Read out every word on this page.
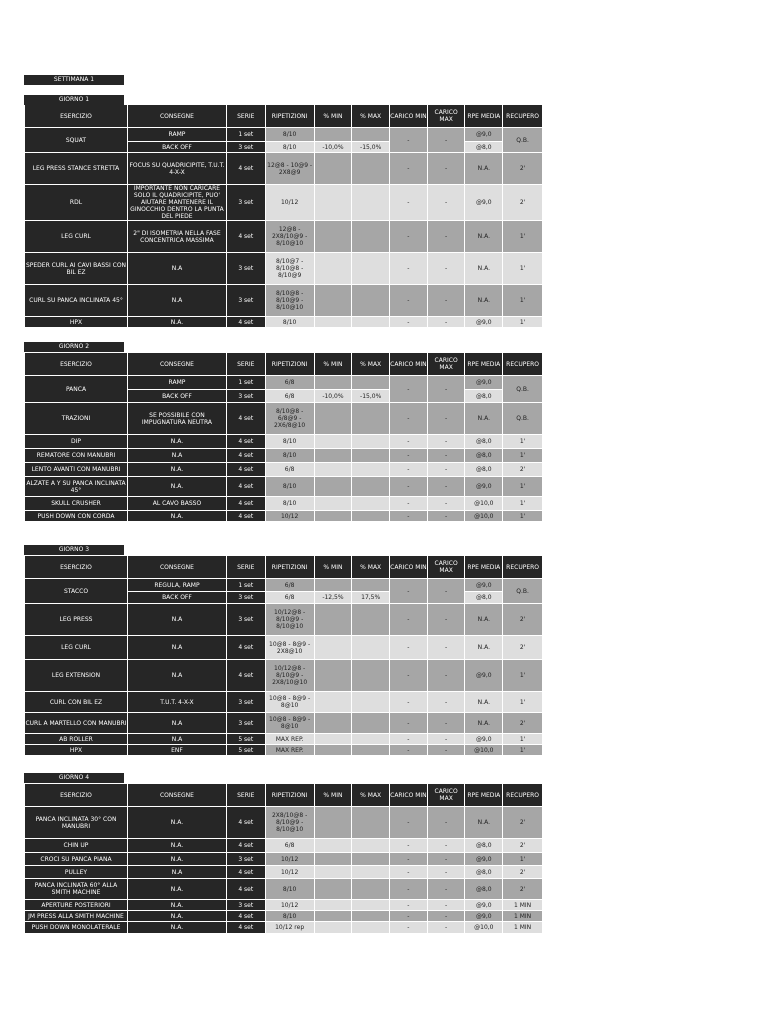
SETTIMANA 1
GIORNO 1
ESERCIZIO	CONSEGNE	SERIE	RIPETIZIONI	% MIN	% MAX	CARICO MIN	CARICO MAX	RPE MEDIA	RECUPERO
SQUAT	RAMP	1 set	8/10			-	-	@9,0	Q.B.
	BACK OFF	3 set	8/10	-10,0%	-15,0%			@8,0	
LEG PRESS STANCE STRETTA	FOCUS SU QUADRICIPITE, T.U.T. 4-X-X	4 set	12@8 - 10@9 - 2X8@9			-	-	N.A.	2'
RDL	IMPORTANTE NON CARICARE SOLO IL QUADRICIPITE, PUO' AIUTARE MANTENERE IL GINOCCHIO DENTRO LA PUNTA DEL PIEDE	3 set	10/12			-	-	@9,0	2'
LEG CURL	2" DI ISOMETRIA NELLA FASE CONCENTRICA MASSIMA	4 set	12@8 - 2X8/10@9 - 8/10@10			-	-	N.A.	1'
SPEDER CURL AI CAVI BASSI CON BIL EZ	N.A	3 set	8/10@7 - 8/10@8 - 8/10@9			-	-	N.A.	1'
CURL SU PANCA INCLINATA 45°	N.A	3 set	8/10@8 - 8/10@9 - 8/10@10			-	-	N.A.	1'
HPX	N.A.	4 set	8/10			-	-	@9,0	1'
GIORNO 2
ESERCIZIO	CONSEGNE	SERIE	RIPETIZIONI	% MIN	% MAX	CARICO MIN	CARICO MAX	RPE MEDIA	RECUPERO
PANCA	RAMP	1 set	6/8			-	-	@9,0	Q.B.
	BACK OFF	3 set	6/8	-10,0%	-15,0%			@8,0	
TRAZIONI	SE POSSIBILE CON IMPUGNATURA NEUTRA	4 set	8/10@8 - 6/8@9 - 2X6/8@10			-	-	N.A.	Q.B.
DIP	N.A.	4 set	8/10			-	-	@8,0	1'
REMATORE CON MANUBRI	N.A	4 set	8/10			-	-	@8,0	1'
LENTO AVANTI CON MANUBRI	N.A.	4 set	6/8			-	-	@8,0	2'
ALZATE A Y SU PANCA INCLINATA 45°	N.A.	4 set	8/10			-	-	@9,0	1'
SKULL CRUSHER	AL CAVO BASSO	4 set	8/10			-	-	@10,0	1'
PUSH DOWN CON CORDA	N.A.	4 set	10/12			-	-	@10,0	1'
GIORNO 3
ESERCIZIO	CONSEGNE	SERIE	RIPETIZIONI	% MIN	% MAX	CARICO MIN	CARICO MAX	RPE MEDIA	RECUPERO
STACCO	REGULA, RAMP	1 set	6/8			-	-	@9,0	Q.B.
	BACK OFF	3 set	6/8	-12,5%	17,5%			@8,0	
LEG PRESS	N.A	3 set	10/12@8 - 8/10@9 - 8/10@10			-	-	N.A.	2'
LEG CURL	N.A	4 set	10@8 - 8@9 - 2X8@10			-	-	N.A.	2'
LEG EXTENSION	N.A	4 set	10/12@8 - 8/10@9 - 2X8/10@10			-	-	@9,0	1'
CURL CON BIL EZ	T.U.T. 4-X-X	3 set	10@8 - 8@9 - 8@10			-	-	N.A.	1'
CURL A MARTELLO CON MANUBRI	N.A	3 set	10@8 - 8@9 - 8@10			-	-	N.A.	2'
AB ROLLER	N.A	5 set	MAX REP.			-	-	@9,0	1'
HPX	ENF	5 set	MAX REP.			-	-	@10,0	1'
GIORNO 4
ESERCIZIO	CONSEGNE	SERIE	RIPETIZIONI	% MIN	% MAX	CARICO MIN	CARICO MAX	RPE MEDIA	RECUPERO
PANCA INCLINATA 30° CON MANUBRI	N.A.	4 set	2X8/10@8 - 8/10@9 - 8/10@10			-	-	N.A.	2'
CHIN UP	N.A.	4 set	6/8			-	-	@8,0	2'
CROCI SU PANCA PIANA	N.A.	3 set	10/12			-	-	@9,0	1'
PULLEY	N.A	4 set	10/12			-	-	@8,0	2'
PANCA INCLINATA 60° ALLA SMITH MACHINE	N.A.	4 set	8/10			-	-	@8,0	2'
APERTURE POSTERIORI	N.A.	3 set	10/12			-	-	@9,0	1 MIN
JM PRESS ALLA SMITH MACHINE	N.A.	4 set	8/10			-	-	@9,0	1 MIN
PUSH DOWN MONOLATERALE	N.A.	4 set	10/12 rep			-	-	@10,0	1 MIN
